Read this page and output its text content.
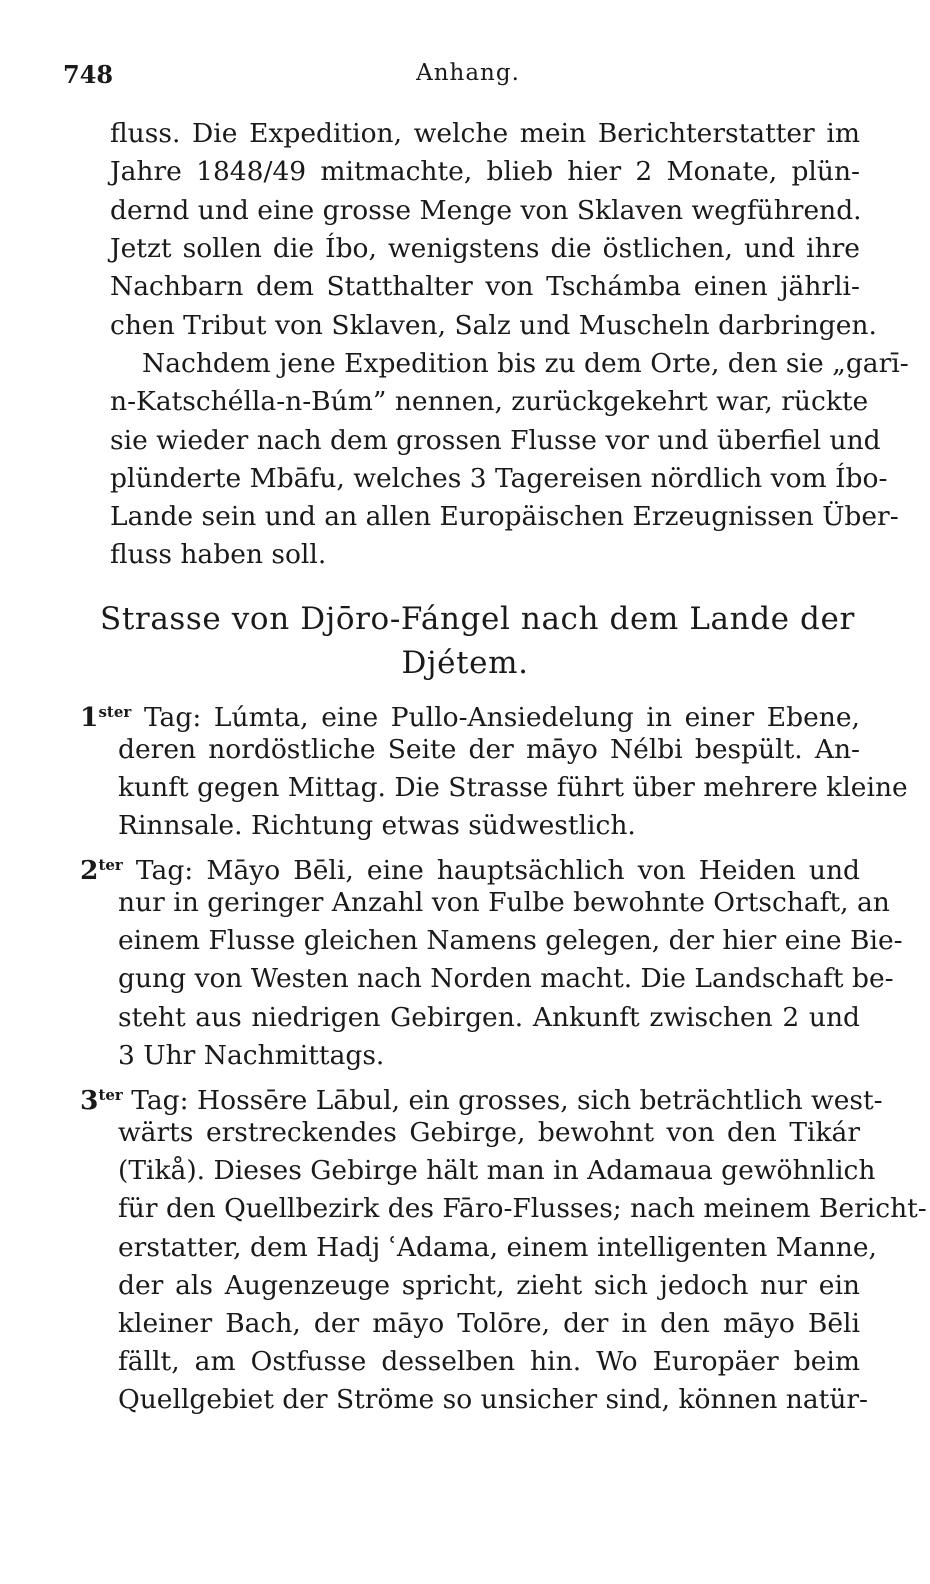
748	Anhang.
fluss. Die Expedition, welche mein Berichterstatter im
Jahre 1848/49 mitmachte, blieb hier 2 Monate, plün-
dernd und eine grosse Menge von Sklaven wegführend.
Jetzt sollen die Íbo, wenigstens die östlichen, und ihre
Nachbarn dem Statthalter von Tschámba einen jährli-
chen Tribut von Sklaven, Salz und Muscheln darbringen.
Nachdem jene Expedition bis zu dem Orte, den sie „garī-
n-Katschélla-n-Búm” nennen, zurückgekehrt war, rückte
sie wieder nach dem grossen Flusse vor und überfiel und
plünderte Mbāfu, welches 3 Tagereisen nördlich vom Íbo-
Lande sein und an allen Europäischen Erzeugnissen Über-
fluss haben soll.
Strasse von Djōro-Fángel nach dem Lande der
Djétem.
$1^{ster}$ Tag: Lúmta, eine Pullo-Ansiedelung in einer Ebene,
deren nordöstliche Seite der māyo Nélbi bespült. An-
kunft gegen Mittag. Die Strasse führt über mehrere kleine
Rinnsale. Richtung etwas südwestlich.
$2^{ter}$ Tag: Māyo Bēli, eine hauptsächlich von Heiden und
nur in geringer Anzahl von Fulbe bewohnte Ortschaft, an
einem Flusse gleichen Namens gelegen, der hier eine Bie-
gung von Westen nach Norden macht. Die Landschaft be-
steht aus niedrigen Gebirgen. Ankunft zwischen 2 und
3 Uhr Nachmittags.
$3^{ter}$ Tag: Hossēre Lābul, ein grosses, sich beträchtlich west-
wärts erstreckendes Gebirge, bewohnt von den Tikár
(Tikå). Dieses Gebirge hält man in Adamaua gewöhnlich
für den Quellbezirk des Fāro-Flusses; nach meinem Bericht-
erstatter, dem Hadj ʿAdama, einem intelligenten Manne,
der als Augenzeuge spricht, zieht sich jedoch nur ein
kleiner Bach, der māyo Tolōre, der in den māyo Bēli
fällt, am Ostfusse desselben hin. Wo Europäer beim
Quellgebiet der Ströme so unsicher sind, können natür-
